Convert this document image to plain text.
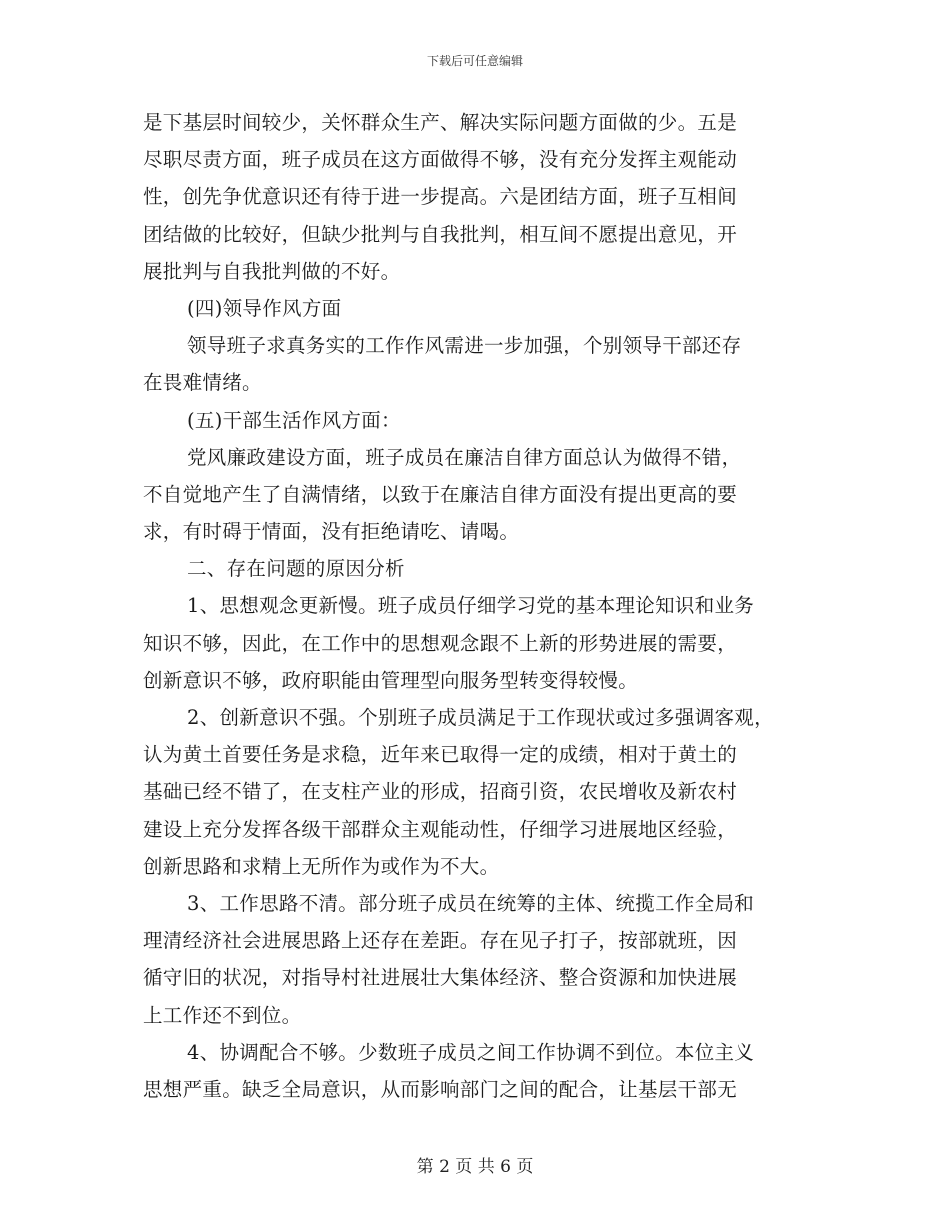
下载后可任意编辑
是下基层时间较少，关怀群众生产、解决实际问题方面做的少。五是
尽职尽责方面，班子成员在这方面做得不够，没有充分发挥主观能动
性，创先争优意识还有待于进一步提高。六是团结方面，班子互相间
团结做的比较好，但缺少批判与自我批判，相互间不愿提出意见，开
展批判与自我批判做的不好。
(四)领导作风方面
领导班子求真务实的工作作风需进一步加强，个别领导干部还存
在畏难情绪。
(五)干部生活作风方面：
党风廉政建设方面，班子成员在廉洁自律方面总认为做得不错，
不自觉地产生了自满情绪，以致于在廉洁自律方面没有提出更高的要
求，有时碍于情面，没有拒绝请吃、请喝。
二、存在问题的原因分析
1、思想观念更新慢。班子成员仔细学习党的基本理论知识和业务
知识不够，因此，在工作中的思想观念跟不上新的形势进展的需要，
创新意识不够，政府职能由管理型向服务型转变得较慢。
2、创新意识不强。个别班子成员满足于工作现状或过多强调客观，
认为黄土首要任务是求稳，近年来已取得一定的成绩，相对于黄土的
基础已经不错了，在支柱产业的形成，招商引资，农民增收及新农村
建设上充分发挥各级干部群众主观能动性，仔细学习进展地区经验，
创新思路和求精上无所作为或作为不大。
3、工作思路不清。部分班子成员在统筹的主体、统揽工作全局和
理清经济社会进展思路上还存在差距。存在见子打子，按部就班，因
循守旧的状况，对指导村社进展壮大集体经济、整合资源和加快进展
上工作还不到位。
4、协调配合不够。少数班子成员之间工作协调不到位。本位主义
思想严重。缺乏全局意识，从而影响部门之间的配合，让基层干部无
第 2 页 共 6 页
